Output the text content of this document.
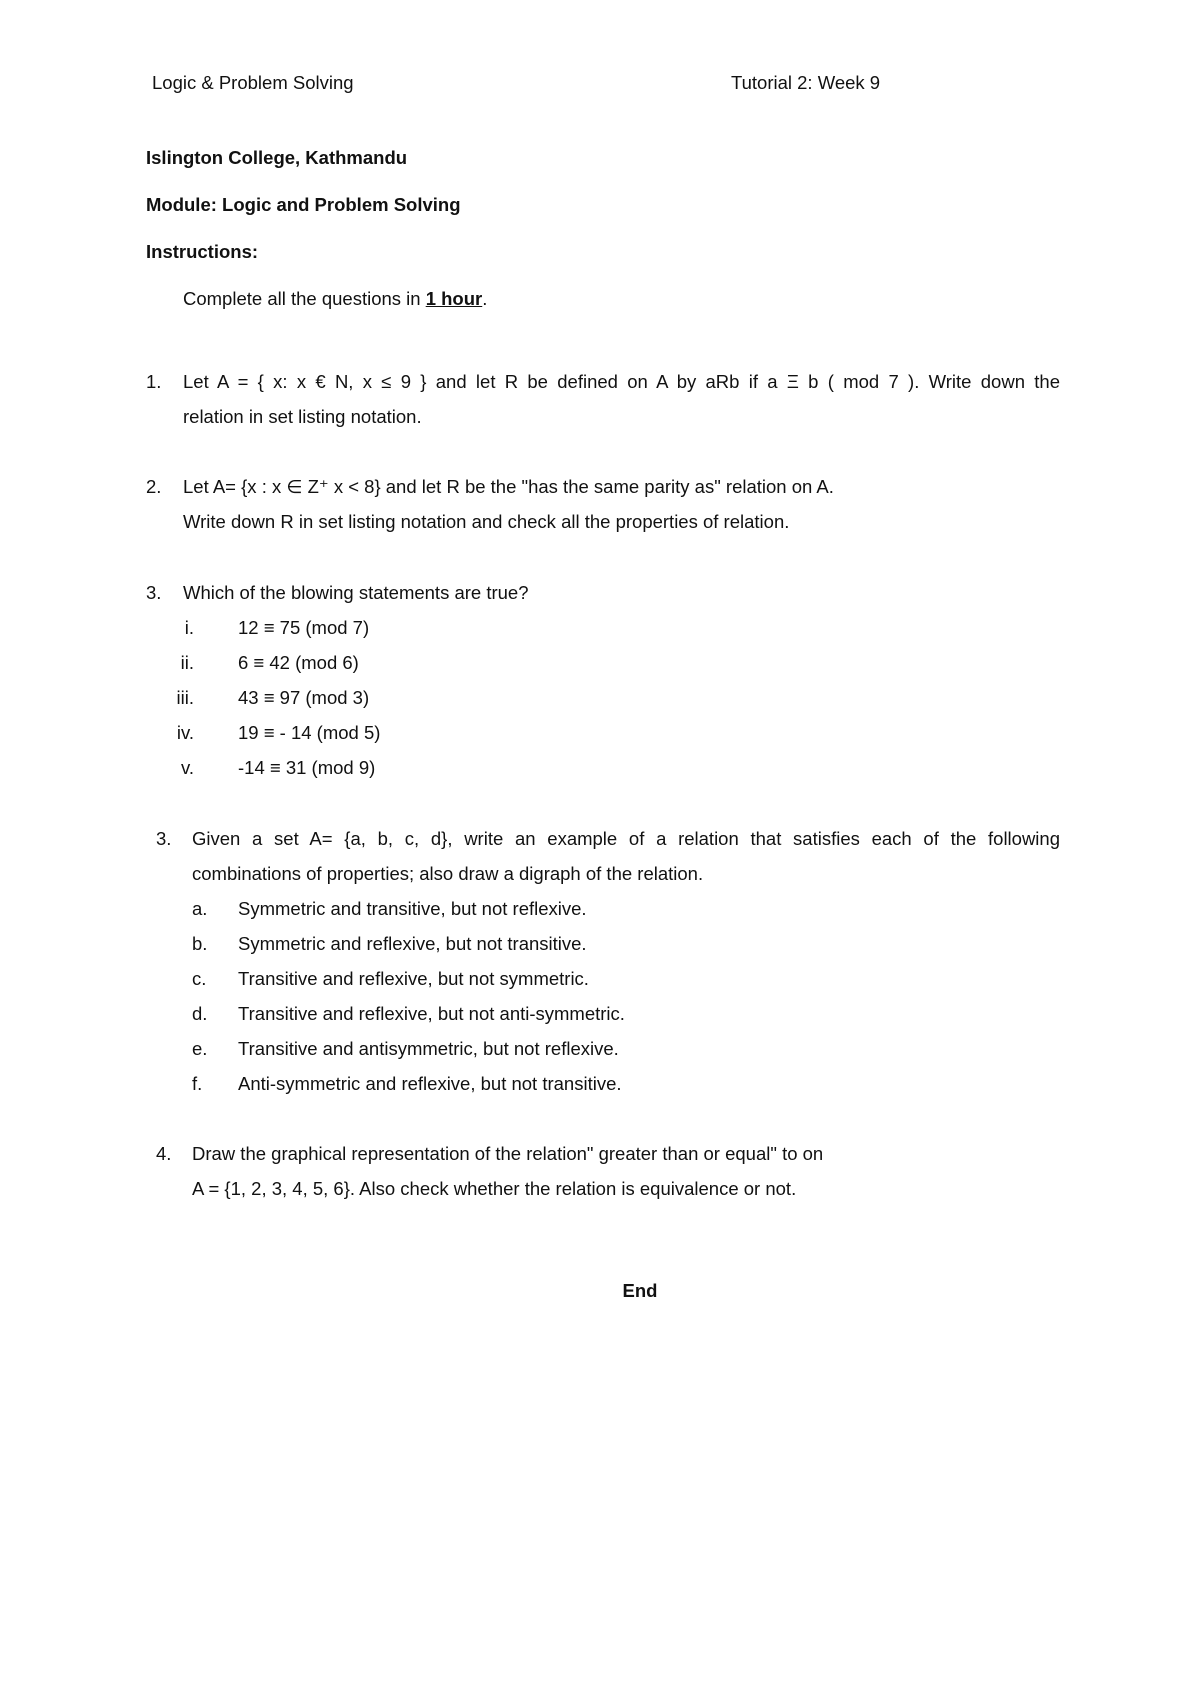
Logic & Problem Solving	Tutorial 2: Week 9
Islington College, Kathmandu
Module: Logic and Problem Solving
Instructions:
Complete all the questions in 1 hour.
1. Let A = { x: x € N, x ≤ 9 } and let R be defined on A by aRb if a Ξ b ( mod 7 ). Write down the
relation in set listing notation.
2. Let A= {x : x ∈ Z⁺ x < 8} and let R be the "has the same parity as" relation on A.
Write down R in set listing notation and check all the properties of relation.
3. Which of the blowing statements are true?
i. 12 ≡ 75 (mod 7)
ii. 6 ≡ 42 (mod 6)
iii. 43 ≡ 97 (mod 3)
iv. 19 ≡ - 14 (mod 5)
v. -14 ≡ 31 (mod 9)
3. Given a set A= {a, b, c, d}, write an example of a relation that satisfies each of the following
combinations of properties; also draw a digraph of the relation.
a. Symmetric and transitive, but not reflexive.
b. Symmetric and reflexive, but not transitive.
c. Transitive and reflexive, but not symmetric.
d. Transitive and reflexive, but not anti-symmetric.
e. Transitive and antisymmetric, but not reflexive.
f. Anti-symmetric and reflexive, but not transitive.
4. Draw the graphical representation of the relation" greater than or equal" to on
A = {1, 2, 3, 4, 5, 6}. Also check whether the relation is equivalence or not.
End
